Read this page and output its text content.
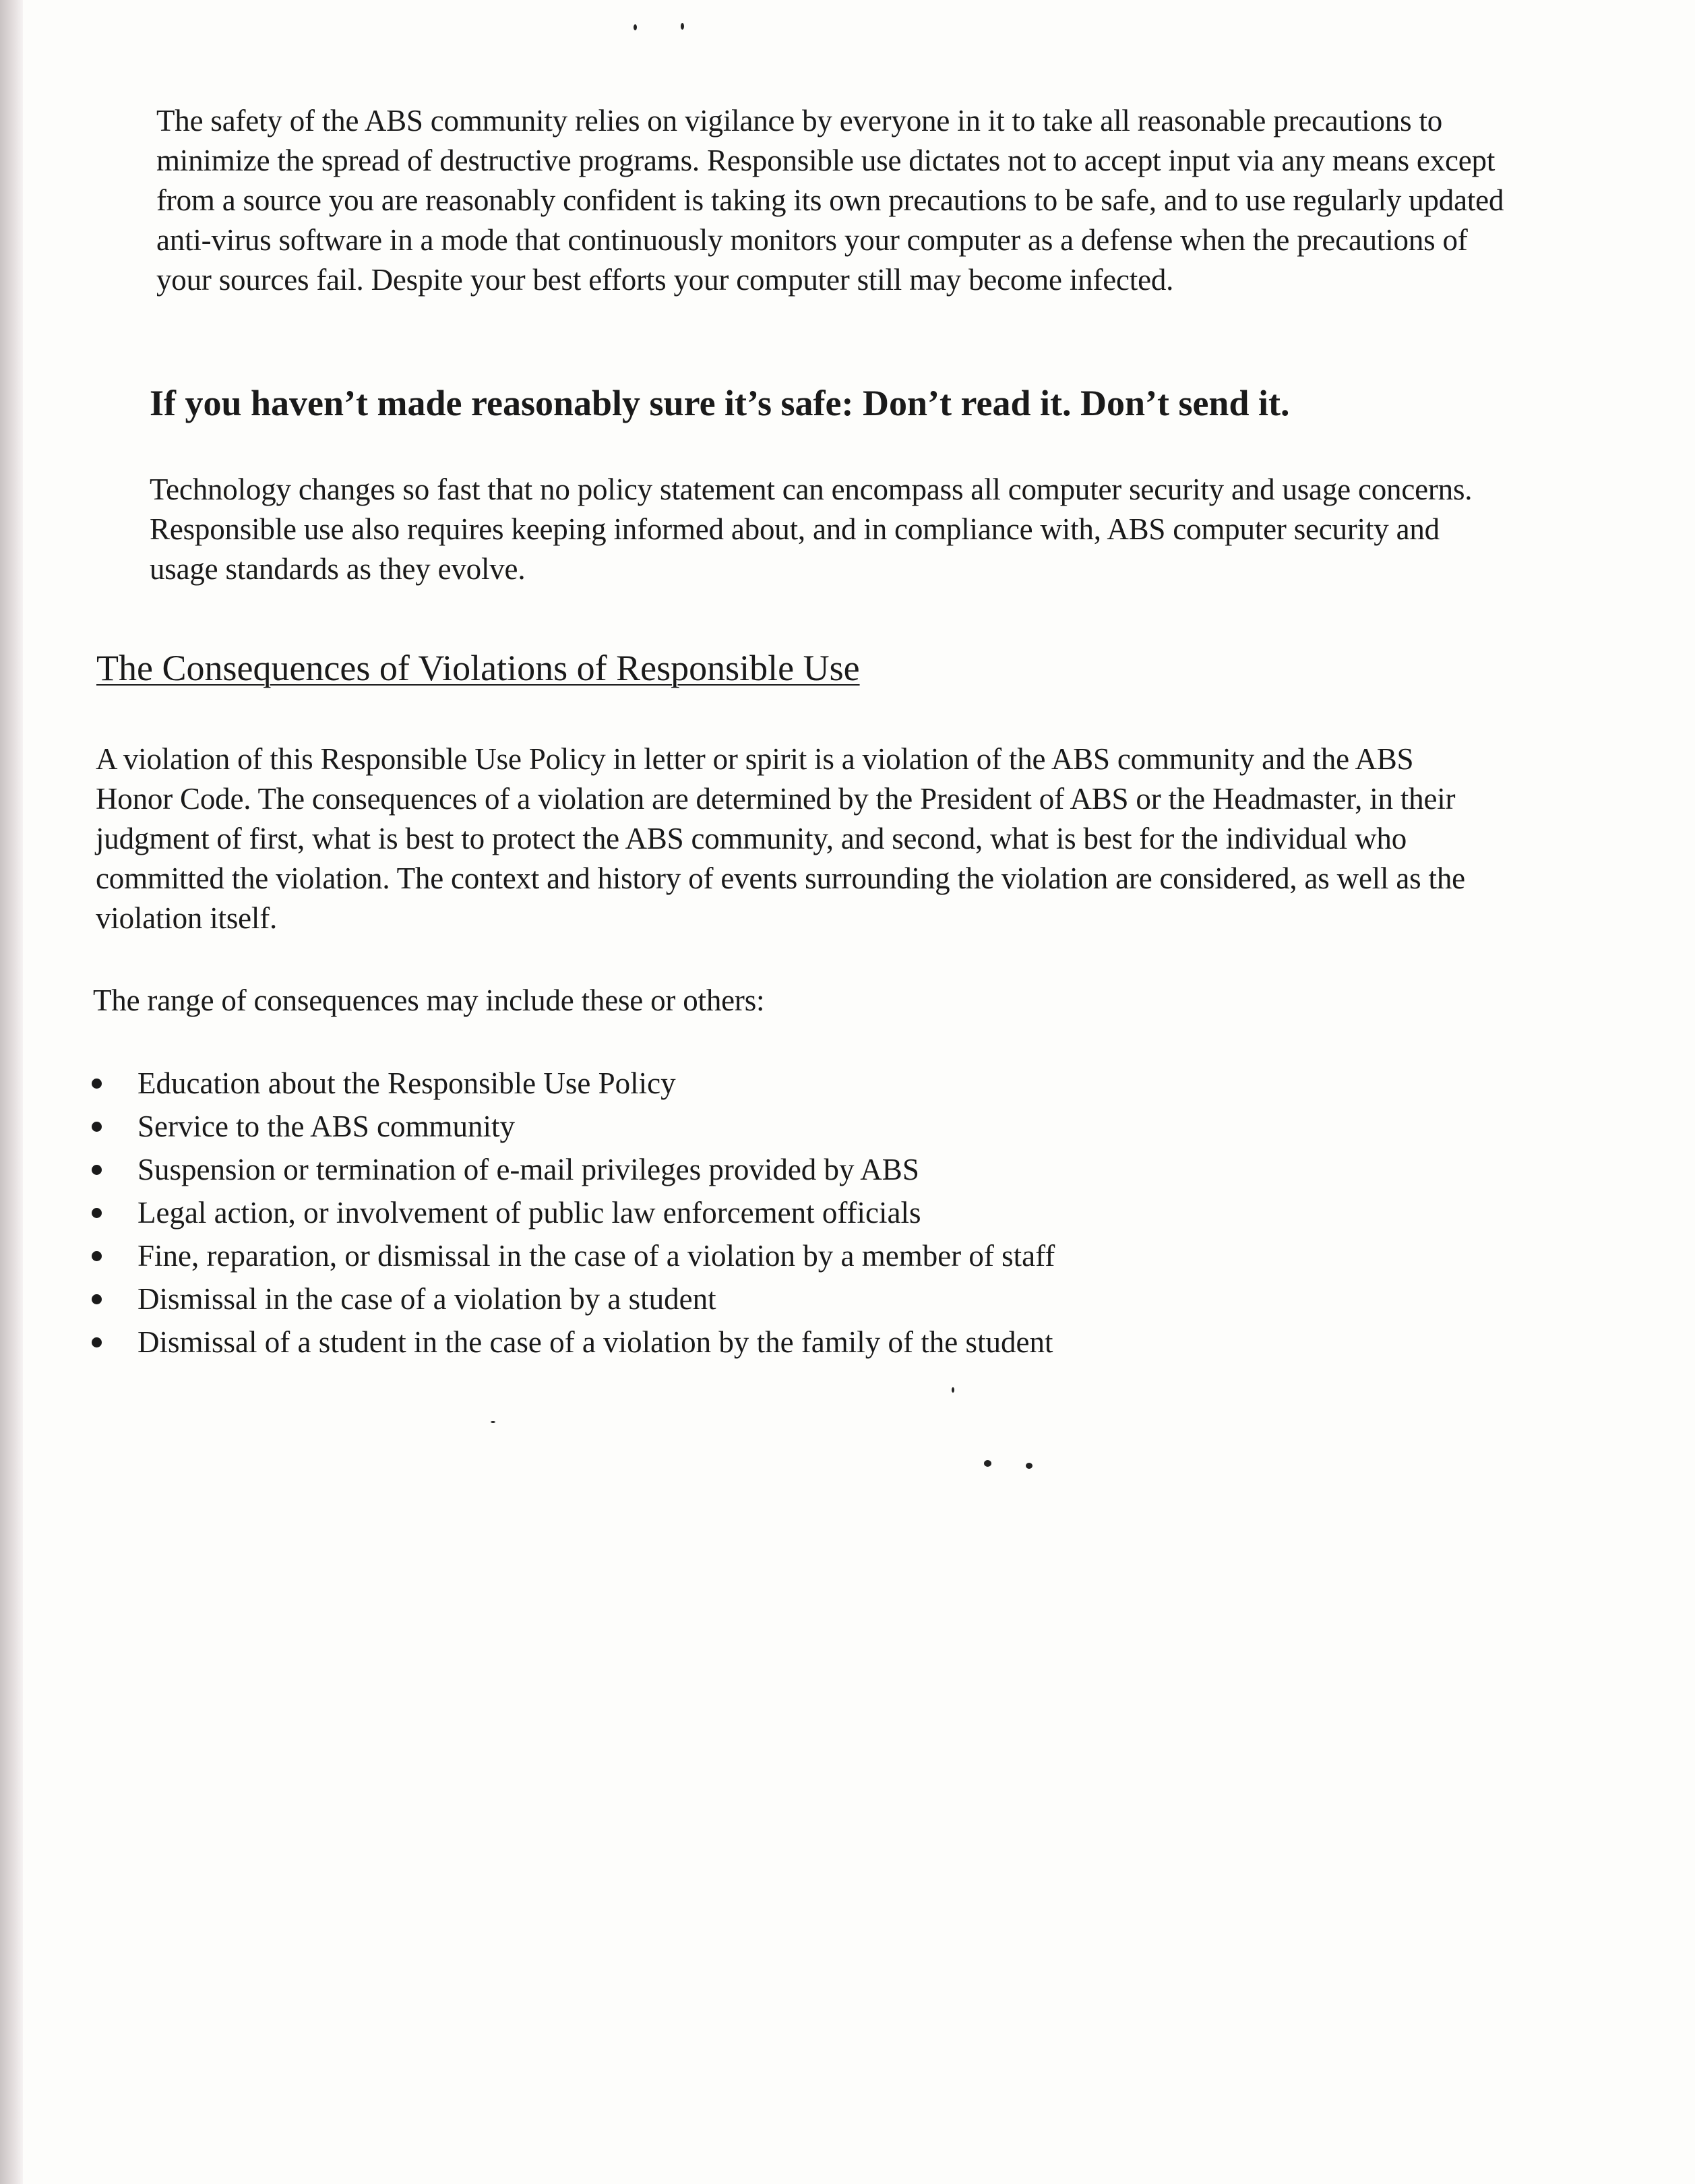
The safety of the ABS community relies on vigilance by everyone in it to take all reasonable precautions to minimize the spread of destructive programs. Responsible use dictates not to accept input via any means except from a source you are reasonably confident is taking its own precautions to be safe, and to use regularly updated anti-virus software in a mode that continuously monitors your computer as a defense when the precautions of your sources fail. Despite your best efforts your computer still may become infected.

If you haven’t made reasonably sure it’s safe: Don’t read it. Don’t send it.

Technology changes so fast that no policy statement can encompass all computer security and usage concerns. Responsible use also requires keeping informed about, and in compliance with, ABS computer security and usage standards as they evolve.

The Consequences of Violations of Responsible Use

A violation of this Responsible Use Policy in letter or spirit is a violation of the ABS community and the ABS Honor Code. The consequences of a violation are determined by the President of ABS or the Headmaster, in their judgment of first, what is best to protect the ABS community, and second, what is best for the individual who committed the violation. The context and history of events surrounding the violation are considered, as well as the violation itself.

The range of consequences may include these or others:

Education about the Responsible Use Policy
Service to the ABS community
Suspension or termination of e-mail privileges provided by ABS
Legal action, or involvement of public law enforcement officials
Fine, reparation, or dismissal in the case of a violation by a member of staff
Dismissal in the case of a violation by a student
Dismissal of a student in the case of a violation by the family of the student
